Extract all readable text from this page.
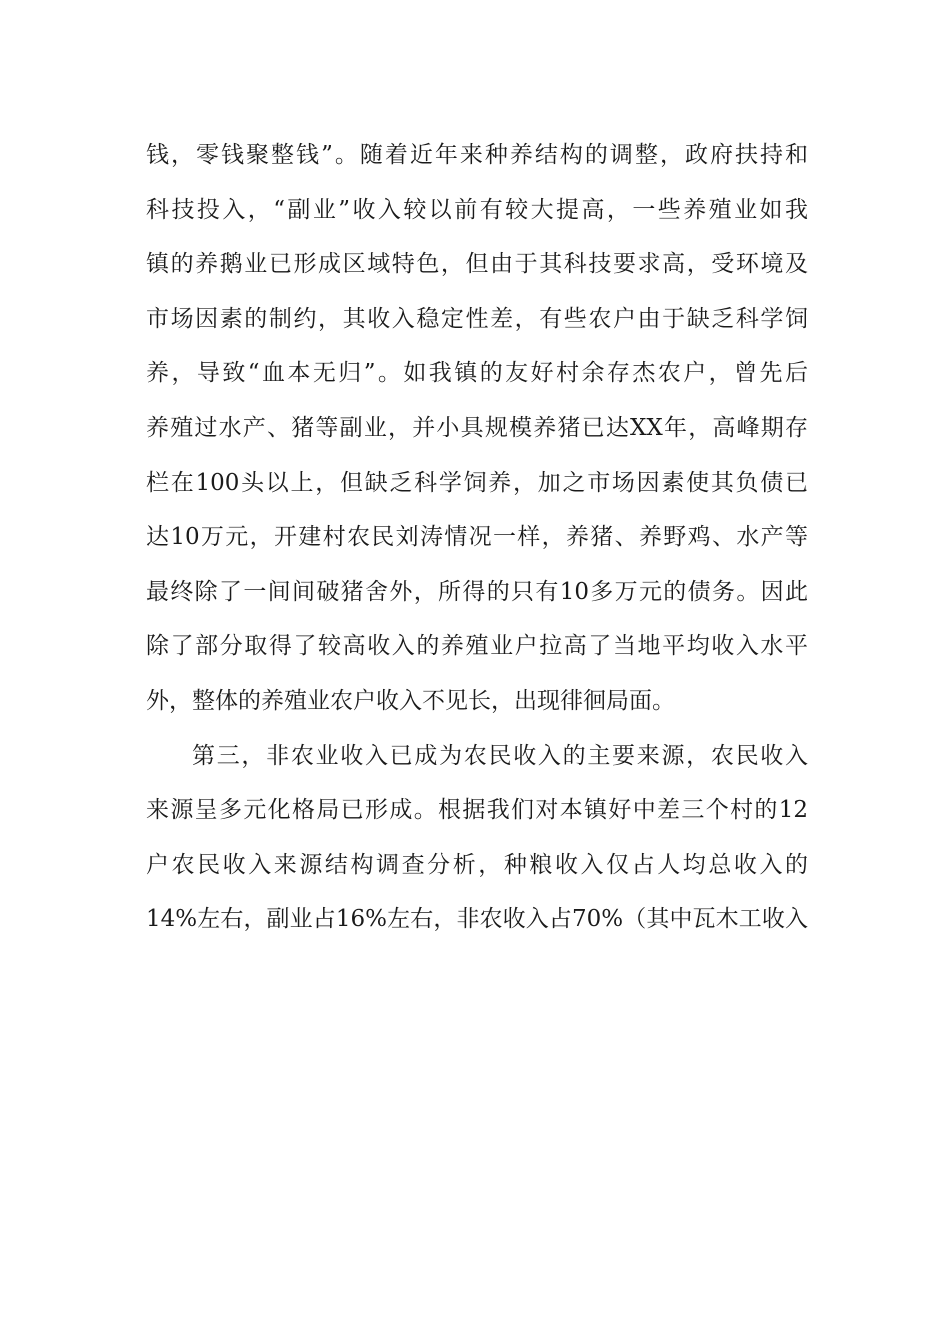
钱，零钱聚整钱”。随着近年来种养结构的调整，政府扶持和
科技投入，“副业”收入较以前有较大提高，一些养殖业如我
镇的养鹅业已形成区域特色，但由于其科技要求高，受环境及
市场因素的制约，其收入稳定性差，有些农户由于缺乏科学饲
养，导致“血本无归”。如我镇的友好村余存杰农户，曾先后
养殖过水产、猪等副业，并小具规模养猪已达XX年，高峰期存
栏在100头以上，但缺乏科学饲养，加之市场因素使其负债已
达10万元，开建村农民刘涛情况一样，养猪、养野鸡、水产等
最终除了一间间破猪舍外，所得的只有10多万元的债务。因此
除了部分取得了较高收入的养殖业户拉高了当地平均收入水平
外，整体的养殖业农户收入不见长，出现徘徊局面。
第三，非农业收入已成为农民收入的主要来源，农民收入
来源呈多元化格局已形成。根据我们对本镇好中差三个村的12
户农民收入来源结构调查分析，种粮收入仅占人均总收入的
14%左右，副业占16%左右，非农收入占70%（其中瓦木工收入
